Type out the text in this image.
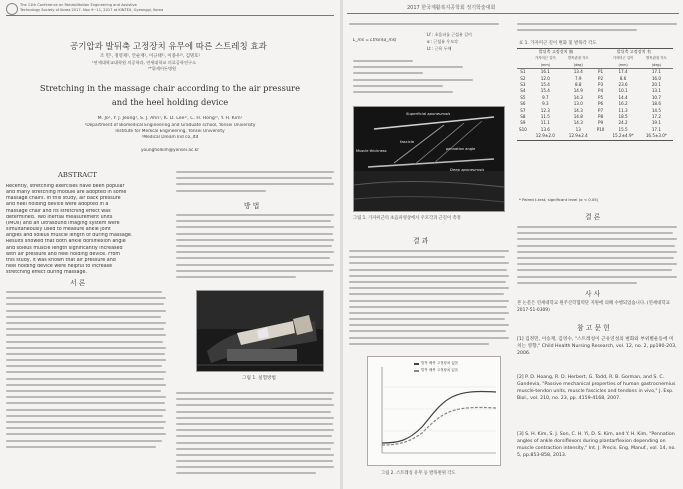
The 11th Conference on Rehabilitation Engineering and Assistive
Technology Society of Korea 2017. Nov 9~11, 2017 at KINTEX, Gyeonggi, Korea
공기압과 발뒤축 고정장치 유무에 따른 스트레칭 효과
조 민¹, 정영재¹, 안순재¹, 이규태¹⁾, 이종우²⁾, 김명호¹
¹연세대학교대학원 의공학과, 연세대학교 의료공학연구소
²*위세이든병원
Stretching in the massage chair according to the air pressure
and the heel holding device
M. Jo¹, Y. J. Jeong¹, S. J. Ahn¹, K. D. Lee¹⁾, C. H. Hong²⁾, Y. H. Kim¹
¹Department of Biomedical Engineering and Graduate school, Yonsei University
Institute for Medical Engineering, Yonsei University
²Medical Dream Ind co.,ltd
youngholkim@yonsei.ac.kr
ABSTRACT
Recently, stretching exercises have been popular
and many stretching module are adopted in some
massage chairs. In this study, air back pressure
and heel holding device were adopted in a
massage chair and its stretching effect was
determined. Two inertial measurement units
(IMUs) and an ultrasound imaging system were
simultaneously used to measure ankle joint
angles and soleus muscle length of during massage.
Results showed that both ankle dorsiflexion angle
and soleus muscle length significantly increased
with air pressure and heel holding device. From
this study, it was known that air pressure and
heel holding device were helpful to increase
stretching effect during massage.
서 론
방 법
그림 1. 실험방법
2017 한국재활복지공학회 정기학술대회
L_ms = Lf/sin(α_ms)
Lf : 초음파를 근섬유 길이
α : 근섬유 우모각
Lt : 근육 두께
Superficial aponeurosis
fascicle
Deep aponeurosis
pennation angle
Muscle thickness
그림 1. 가자미근의 초음파영상에서 우모각과 근길이 측정
결 과
발목 배측 고정장치 없음
발목 배측 고정장치 있음
그림 2. 스트레칭 유무 등 발목변위 각도
표 1. 가자미근 길이 변화 및 발목각 각도
발뒤축 고정장치 無			발뒤축 고정장치 有		
	가자미근 길이 (mm)	발목관절 각도 (deg)		가자미근 길이 (mm)	발목관절 각도 (deg)
S1	16.1	13.4	P1	17.4	17.1
S2	12.0	7.9	P2	8.6	16.0
S3	15.4	8.8	P3	23.6	20.1
S4	15.4	14.9	P4	10.1	13.1
S5	9.7	14.3	P5	14.4	10.7
S6	9.3	13.0	P6	16.2	18.6
S7	12.3	14.3	P7	11.3	14.5
S8	11.5	14.8	P8	18.5	17.2
S9	11.1	14.3	P9	24.2	19.1
S10	13.6	13	P10	15.5	17.1
	12.9±2.0	12.9±2.4		15.2±4.9*	16.5±3.0*
* Paired t-test, significant level (α < 0.05)
결 론
사 사
본 논문은 연세대학교 원주산학협력단 지원에 의해 수행되었습니다. (연세대학교 2017-51-0309)
참 고 문 헌
[1] 김정민, 이승재, 김영수, "스트레칭이 근유연성의 변화와 부위별운동에 미치는 영향," Child Health Nursing Research, vol. 12, no. 2, pp190-203, 2006.
[2] P. D. Hoang, R. D. Herbert, G. Todd, R. B. Gorman, and S. C. Gandevia, "Passive mechanical properties of human gastrocnemius muscle-tendon units, muscle fascicles and tendons in vivo," J. Exp. Biol., vol. 210, no. 23, pp. 4159-4168, 2007.
[3] S. H. Kim, S. J. Son, C. H. Yi, D. S. Kim, and Y. H. Kim, "Pennation angles of ankle dorsiflexors during plantarflexion depending on muscle contraction intensity," Int. J. Precis. Eng. Manuf., vol. 14, no. 5, pp.853-858, 2013.
